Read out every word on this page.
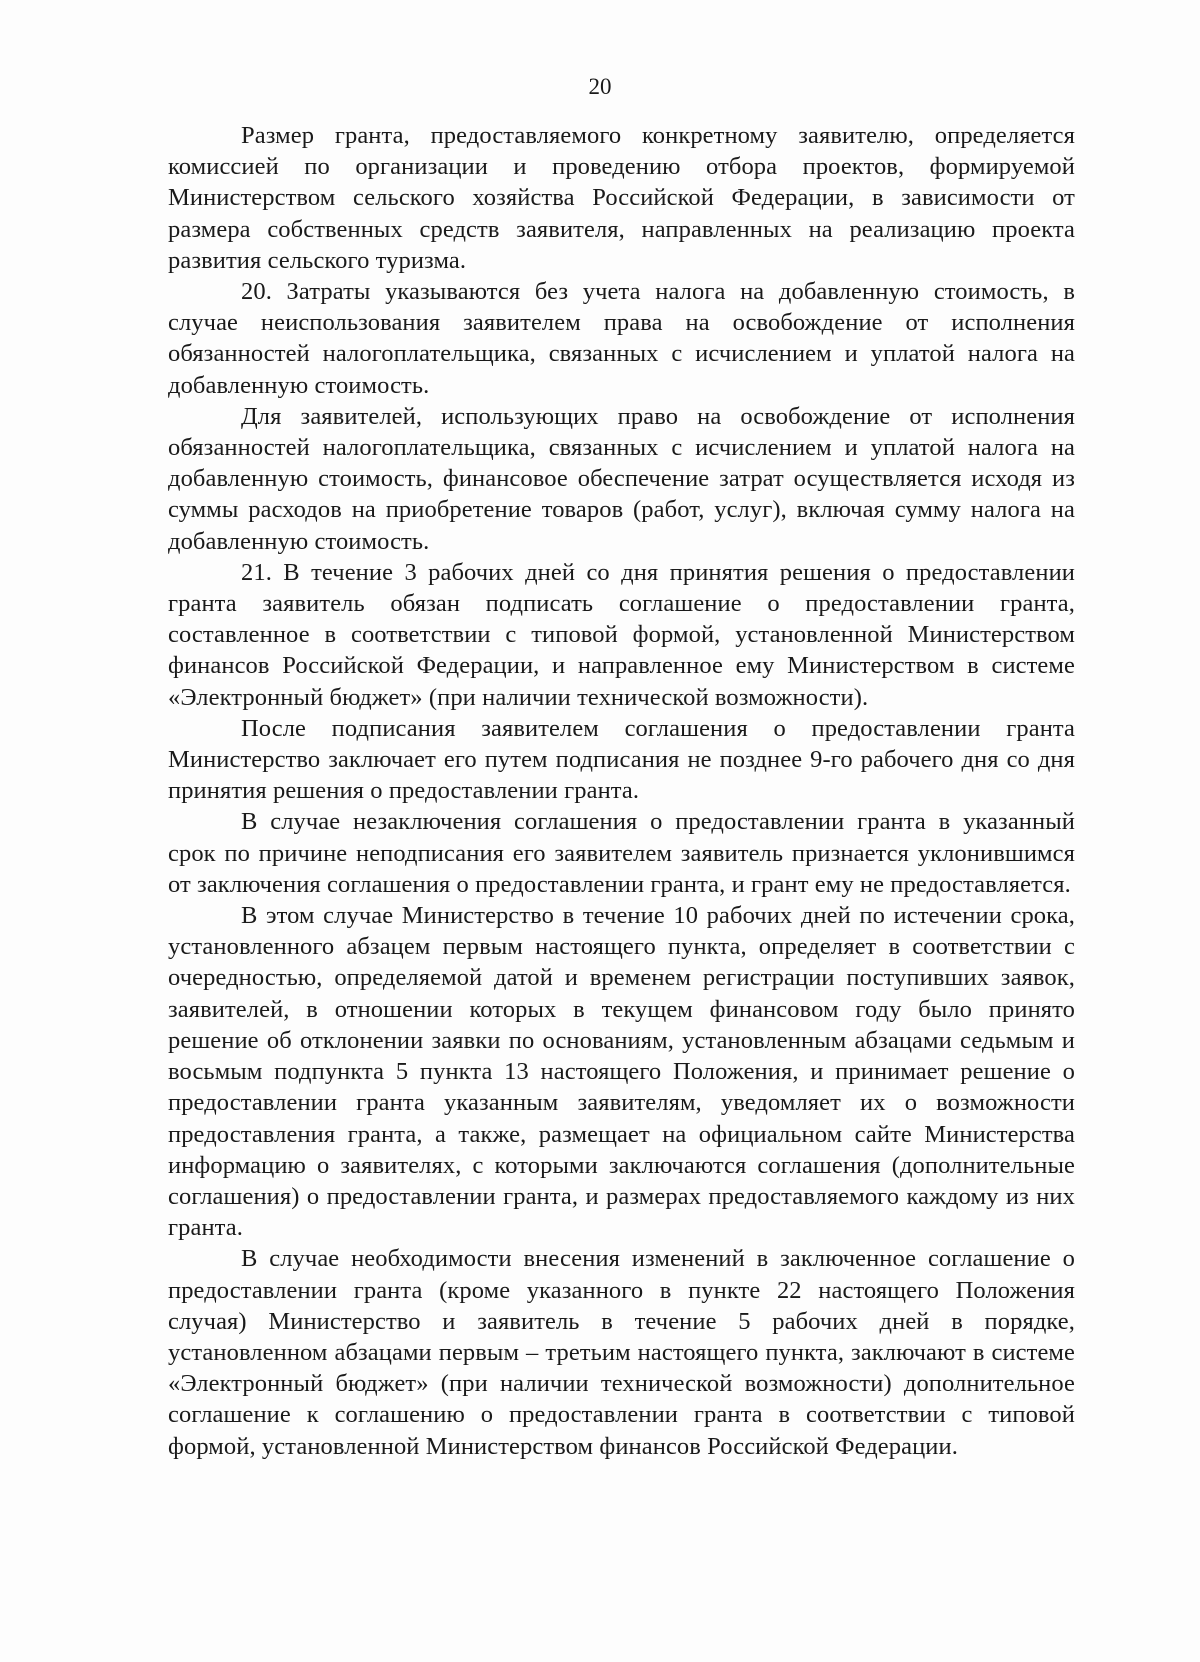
20

Размер гранта, предоставляемого конкретному заявителю, определяется комиссией по организации и проведению отбора проектов, формируемой Министерством сельского хозяйства Российской Федерации, в зависимости от размера собственных средств заявителя, направленных на реализацию проекта развития сельского туризма.

20. Затраты указываются без учета налога на добавленную стоимость, в случае неиспользования заявителем права на освобождение от исполнения обязанностей налогоплательщика, связанных с исчислением и уплатой налога на добавленную стоимость.

Для заявителей, использующих право на освобождение от исполнения обязанностей налогоплательщика, связанных с исчислением и уплатой налога на добавленную стоимость, финансовое обеспечение затрат осуществляется исходя из суммы расходов на приобретение товаров (работ, услуг), включая сумму налога на добавленную стоимость.

21. В течение 3 рабочих дней со дня принятия решения о предоставлении гранта заявитель обязан подписать соглашение о предоставлении гранта, составленное в соответствии с типовой формой, установленной Министерством финансов Российской Федерации, и направленное ему Министерством в системе «Электронный бюджет» (при наличии технической возможности).

После подписания заявителем соглашения о предоставлении гранта Министерство заключает его путем подписания не позднее 9-го рабочего дня со дня принятия решения о предоставлении гранта.

В случае незаключения соглашения о предоставлении гранта в указанный срок по причине неподписания его заявителем заявитель признается уклонившимся от заключения соглашения о предоставлении гранта, и грант ему не предоставляется.

В этом случае Министерство в течение 10 рабочих дней по истечении срока, установленного абзацем первым настоящего пункта, определяет в соответствии с очередностью, определяемой датой и временем регистрации поступивших заявок, заявителей, в отношении которых в текущем финансовом году было принято решение об отклонении заявки по основаниям, установленным абзацами седьмым и восьмым подпункта 5 пункта 13 настоящего Положения, и принимает решение о предоставлении гранта указанным заявителям, уведомляет их о возможности предоставления гранта, а также, размещает на официальном сайте Министерства информацию о заявителях, с которыми заключаются соглашения (дополнительные соглашения) о предоставлении гранта, и размерах предоставляемого каждому из них гранта.

В случае необходимости внесения изменений в заключенное соглашение о предоставлении гранта (кроме указанного в пункте 22 настоящего Положения случая) Министерство и заявитель в течение 5 рабочих дней в порядке, установленном абзацами первым – третьим настоящего пункта, заключают в системе «Электронный бюджет» (при наличии технической возможности) дополнительное соглашение к соглашению о предоставлении гранта в соответствии с типовой формой, установленной Министерством финансов Российской Федерации.
